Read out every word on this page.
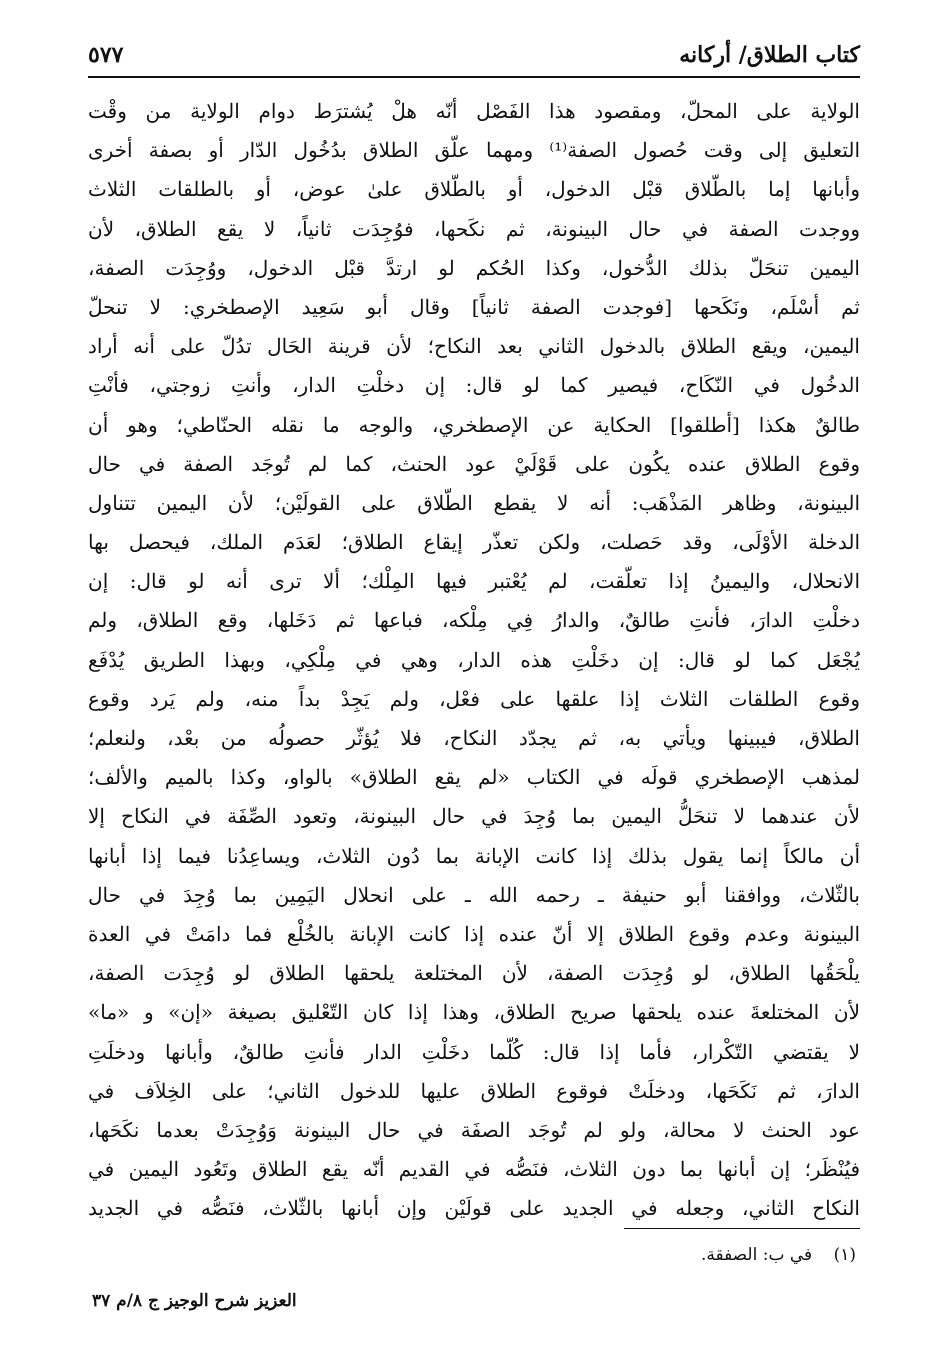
كتاب الطلاق/ أركانه
٥٧٧
الولاية على المحلّ، ومقصود هذا الفَصْل أنّه هلْ يُشترَط دوام الولاية من وقْت
التعليق إلى وقت حُصول الصفة⁽¹⁾ ومهما علّق الطلاق بدُخُول الدّار أو بصفة أخرى
وأبانها إما بالطّلاق قبْل الدخول، أو بالطّلاق علىٰ عوض، أو بالطلقات الثلاث
ووجدت الصفة في حال البينونة، ثم نكَحها، فوُجِدَت ثانياً، لا يقع الطلاق، لأن
اليمين تنحَلّ بذلك الدُّخول، وكذا الحُكم لو ارتدَّ قبْل الدخول، ووُجِدَت الصفة،
ثم أسْلَم، ونَكَحها [فوجدت الصفة ثانياً] وقال أبو سَعِيد الإصطخري: لا تنحلّ
اليمين، ويقع الطلاق بالدخول الثاني بعد النكاح؛ لأن قرينة الحَال تدُلّ على أنه أراد
الدخُول في النّكَاح، فيصير كما لو قال: إن دخلْتِ الدار، وأنتِ زوجتي، فأنْتِ
طالقٌ هكذا [أطلقوا] الحكاية عن الإصطخري، والوجه ما نقله الحنّاطي؛ وهو أن
وقوع الطلاق عنده يكُون على قَوْلَيْ عود الحنث، كما لم تُوجَد الصفة في حال
البينونة، وظاهر المَذْهَب: أنه لا يقطع الطّلاق على القولَيْن؛ لأن اليمين تتناول
الدخلة الأوْلَى، وقد حَصلت، ولكن تعذّر إيقاع الطلاق؛ لعَدَم الملك، فيحصل بها
الانحلال، واليمينُ إذا تعلّقت، لم يُعْتبر فيها المِلْك؛ ألا ترى أنه لو قال: إن
دخلْتِ الدارَ، فأنتِ طالقٌ، والدارُ فِي مِلْكه، فباعها ثم دَخَلها، وقع الطلاق، ولم
يُجْعَل كما لو قال: إن دخَلْتِ هذه الدار، وهي في مِلْكِي، وبهذا الطريق يُدْفَع
وقوع الطلقات الثلاث إذا علقها على فعْل، ولم يَجِدْ بداً منه، ولم يَرد وقوع
الطلاق، فيبينها ويأتي به، ثم يجدّد النكاح، فلا يُؤثّر حصولُه من بعْد، ولنعلم؛
لمذهب الإصطخري قولَه في الكتاب «لم يقع الطلاق» بالواو، وكذا بالميم والألف؛
لأن عندهما لا تنحَلُّ اليمين بما وُجِدَ في حال البينونة، وتعود الصِّفَة في النكاح إلا
أن مالكاً إنما يقول بذلك إذا كانت الإبانة بما دُون الثلاث، ويساعِدُنا فيما إذا أبانها
بالثّلاث، ووافقنا أبو حنيفة ـ رحمه الله ـ على انحلال اليَمِين بما وُجِدَ في حال
البينونة وعدم وقوع الطلاق إلا أنّ عنده إذا كانت الإبانة بالخُلْع فما دامَتْ في العدة
يلْحَقُها الطلاق، لو وُجِدَت الصفة، لأن المختلعة يلحقها الطلاق لو وُجِدَت الصفة،
لأن المختلعةَ عنده يلحقها صريح الطلاق، وهذا إذا كان التّعْليق بصيغة «إن» و «ما»
لا يقتضي التّكْرار، فأما إذا قال: كُلّما دخَلْتِ الدار فأنتِ طالقٌ، وأبانها ودخلَتِ
الدارَ، ثم نَكَحَها، ودخلَتْ فوقوع الطلاق عليها للدخول الثاني؛ على الخِلاَف في
عود الحنث لا محالة، ولو لم تُوجَد الصفَة في حال البينونة وَوُجِدَتْ بعدما نكَحَها،
فيُنْظَر؛ إن أبانها بما دون الثلاث، فنَصُّه في القديم أنّه يقع الطلاق وتَعُود اليمين في
النكاح الثاني، وجعله في الجديد على قولَيْن وإن أبانها بالثّلاث، فنَصُّه في الجديد
(١) في ب: الصفقة.
العزيز شرح الوجيز ج ٨/م ٣٧
